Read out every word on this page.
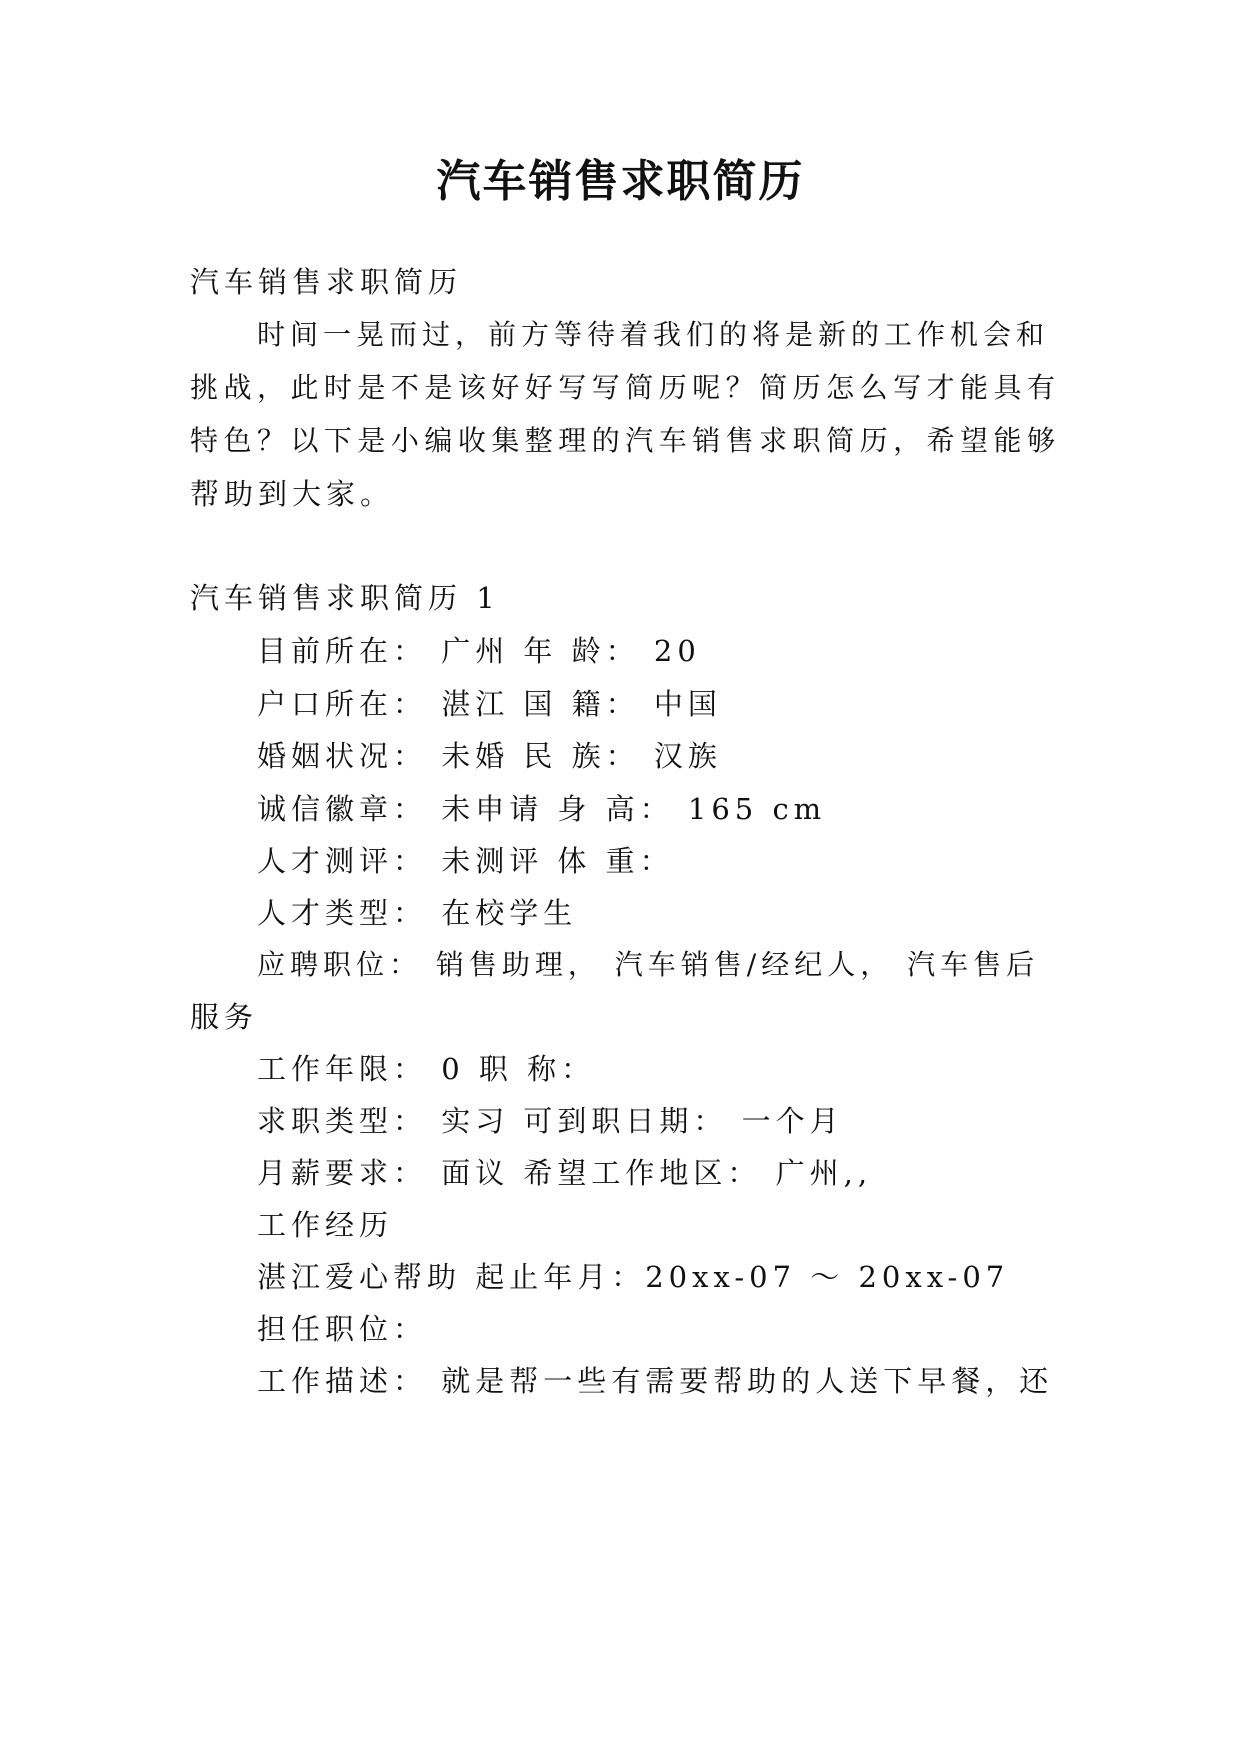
汽车销售求职简历
汽车销售求职简历
时间一晃而过，前方等待着我们的将是新的工作机会和
挑战，此时是不是该好好写写简历呢？简历怎么写才能具有
特色？以下是小编收集整理的汽车销售求职简历，希望能够
帮助到大家。
汽车销售求职简历 1
目前所在： 广州 年 龄： 20
户口所在： 湛江 国 籍： 中国
婚姻状况： 未婚 民 族： 汉族
诚信徽章： 未申请 身 高： 165 cm
人才测评： 未测评 体 重：
人才类型： 在校学生
应聘职位： 销售助理， 汽车销售/经纪人， 汽车售后
服务
工作年限： 0 职 称：
求职类型： 实习 可到职日期： 一个月
月薪要求： 面议 希望工作地区： 广州,,
工作经历
湛江爱心帮助 起止年月：20xx-07 ～ 20xx-07
担任职位：
工作描述： 就是帮一些有需要帮助的人送下早餐，还
